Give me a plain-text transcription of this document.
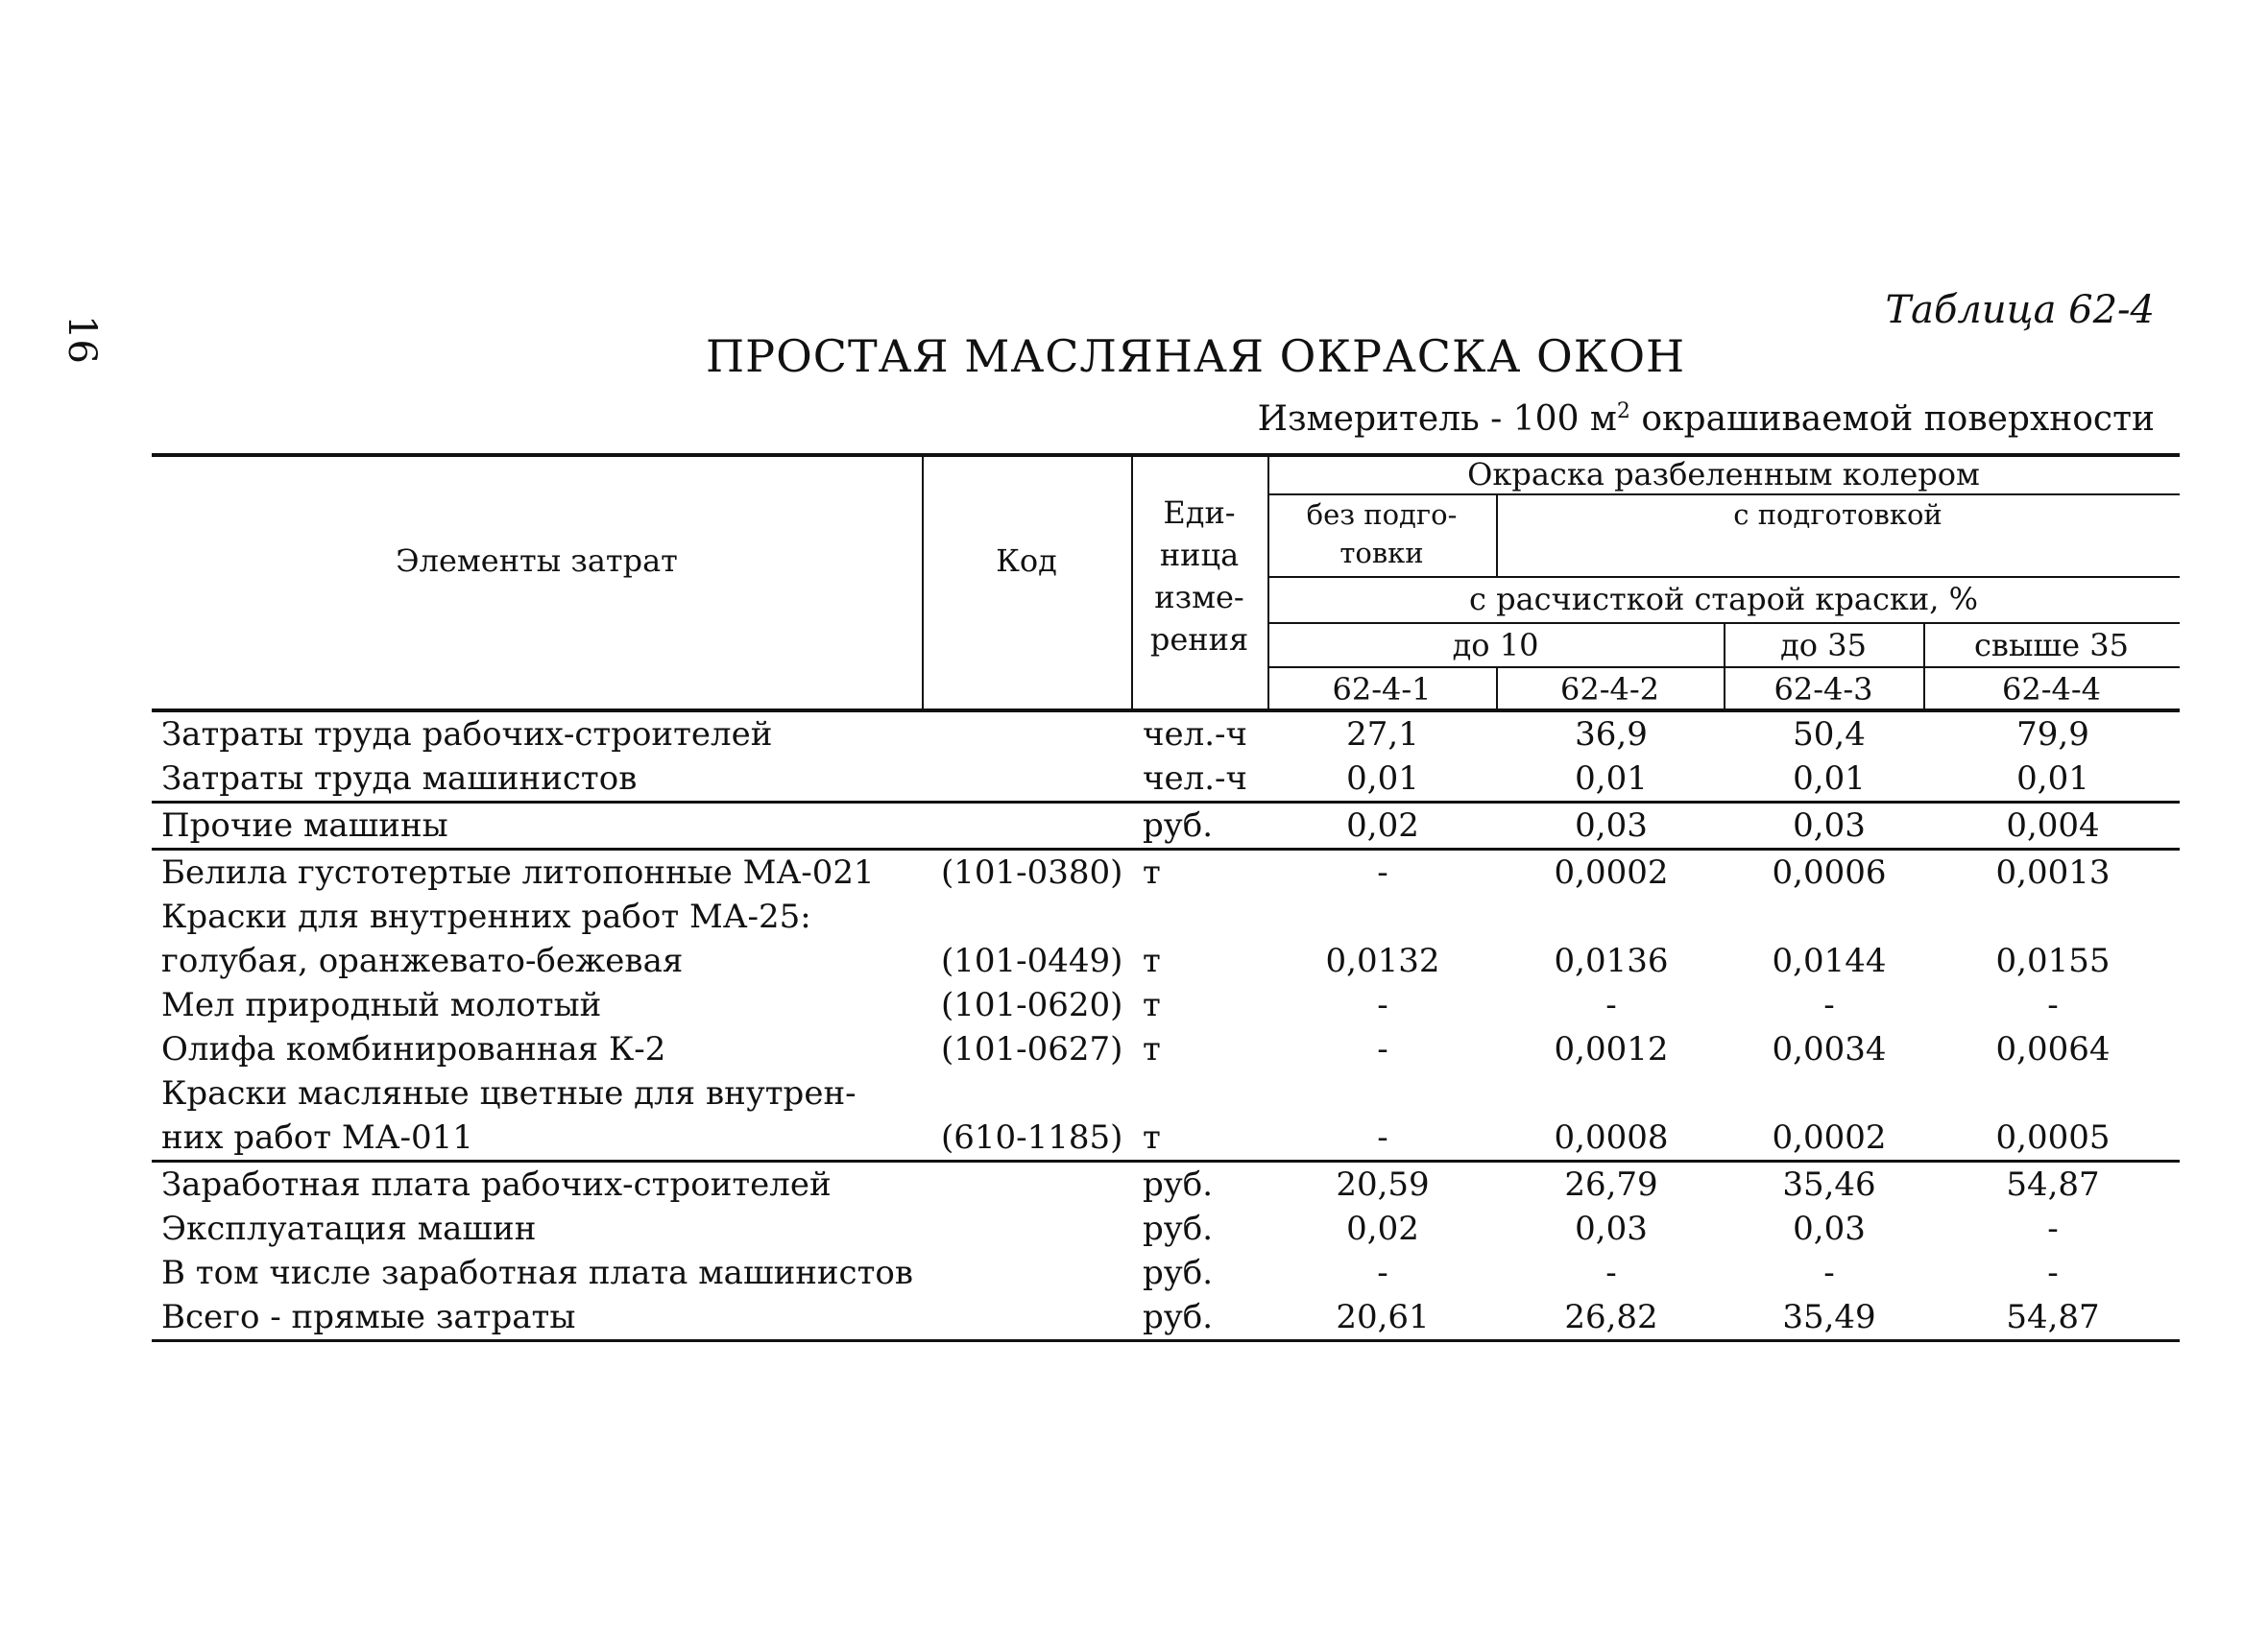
16
Таблица 62-4
ПРОСТАЯ МАСЛЯНАЯ ОКРАСКА ОКОН
Измеритель - 100 $м^2$ окрашиваемой поверхности
Элементы затрат	Код
Еди-
ница
изме-
рения
Окраска разбеленным колером
без подго-
товки
с подготовкой
с расчисткой старой краски, %
до 10	до 35	свыше 35
62-4-1	62-4-2	62-4-3	62-4-4
Затраты труда рабочих-строителей	чел.-ч	27,1	36,9	50,4	79,9
Затраты труда машинистов	чел.-ч	0,01	0,01	0,01	0,01
Прочие машины	руб.	0,02	0,03	0,03	0,004
Белила густотертые литопонные МА-021 (101-0380) т	-	0,0002	0,0006	0,0013
Краски для внутренних работ МА-25:
голубая, оранжевато-бежевая	(101-0449) т	0,0132	0,0136	0,0144	0,0155
Мел природный молотый	(101-0620) т	-	-	-	-
Олифа комбинированная К-2	(101-0627) т	-	0,0012	0,0034	0,0064
Краски масляные цветные для внутрен-
них работ МА-011	(610-1185) т	-	0,0008	0,0002	0,0005
Заработная плата рабочих-строителей	руб.	20,59	26,79	35,46	54,87
Эксплуатация машин	руб.	0,02	0,03	0,03	-
В том числе заработная плата машинистов	руб.	-	-	-	-
Всего - прямые затраты	руб.	20,61	26,82	35,49	54,87
